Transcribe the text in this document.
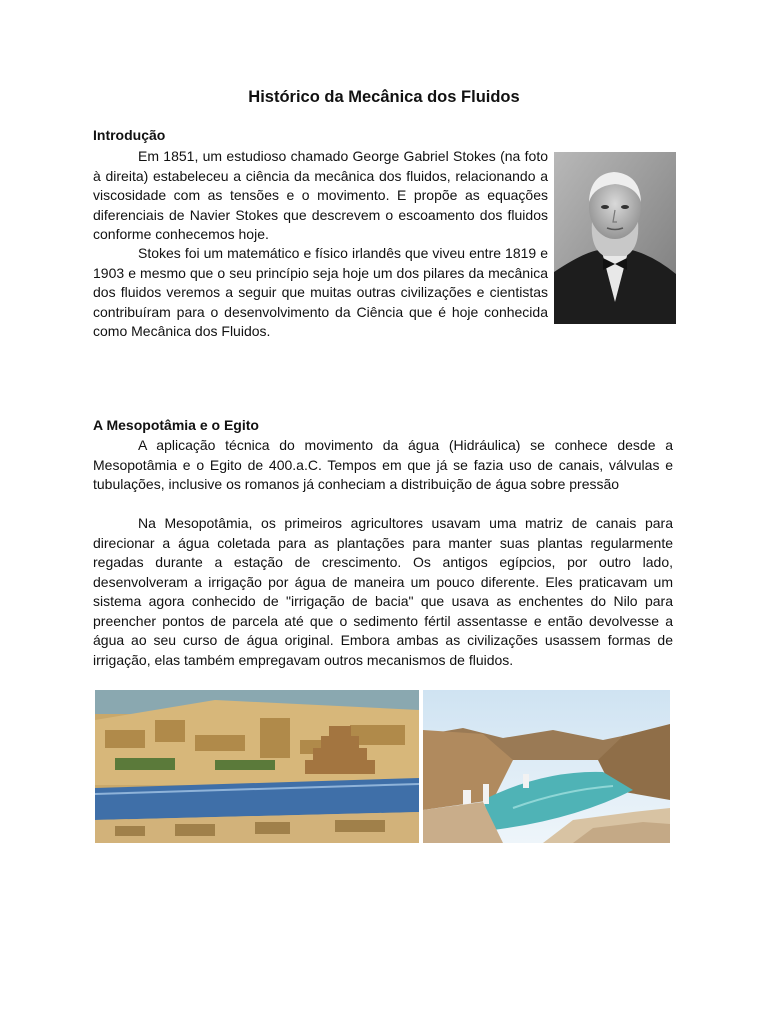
Histórico da Mecânica dos Fluidos
Introdução

Em 1851, um estudioso chamado George Gabriel Stokes (na foto à direita) estabeleceu a ciência da mecânica dos fluidos, relacionando a viscosidade com as tensões e o movimento. E propõe as equações diferenciais de Navier Stokes que descrevem o escoamento dos fluidos conforme conhecemos hoje.

Stokes foi um matemático e físico irlandês que viveu entre 1819 e 1903 e mesmo que o seu princípio seja hoje um dos pilares da mecânica dos fluidos veremos a seguir que muitas outras civilizações e cientistas contribuíram para o desenvolvimento da Ciência que é hoje conhecida como Mecânica dos Fluidos.

A Mesopotâmia e o Egito

A aplicação técnica do movimento da água (Hidráulica) se conhece desde a Mesopotâmia e o Egito de 400.a.C. Tempos em que já se fazia uso de canais, válvulas e tubulações, inclusive os romanos já conheciam a distribuição de água sobre pressão

Na Mesopotâmia, os primeiros agricultores usavam uma matriz de canais para direcionar a água coletada para as plantações para manter suas plantas regularmente regadas durante a estação de crescimento. Os antigos egípcios, por outro lado, desenvolveram a irrigação por água de maneira um pouco diferente. Eles praticavam um sistema agora conhecido de "irrigação de bacia" que usava as enchentes do Nilo para preencher pontos de parcela até que o sedimento fértil assentasse e então devolvesse a água ao seu curso de água original. Embora ambas as civilizações usassem formas de irrigação, elas também empregavam outros mecanismos de fluidos.
